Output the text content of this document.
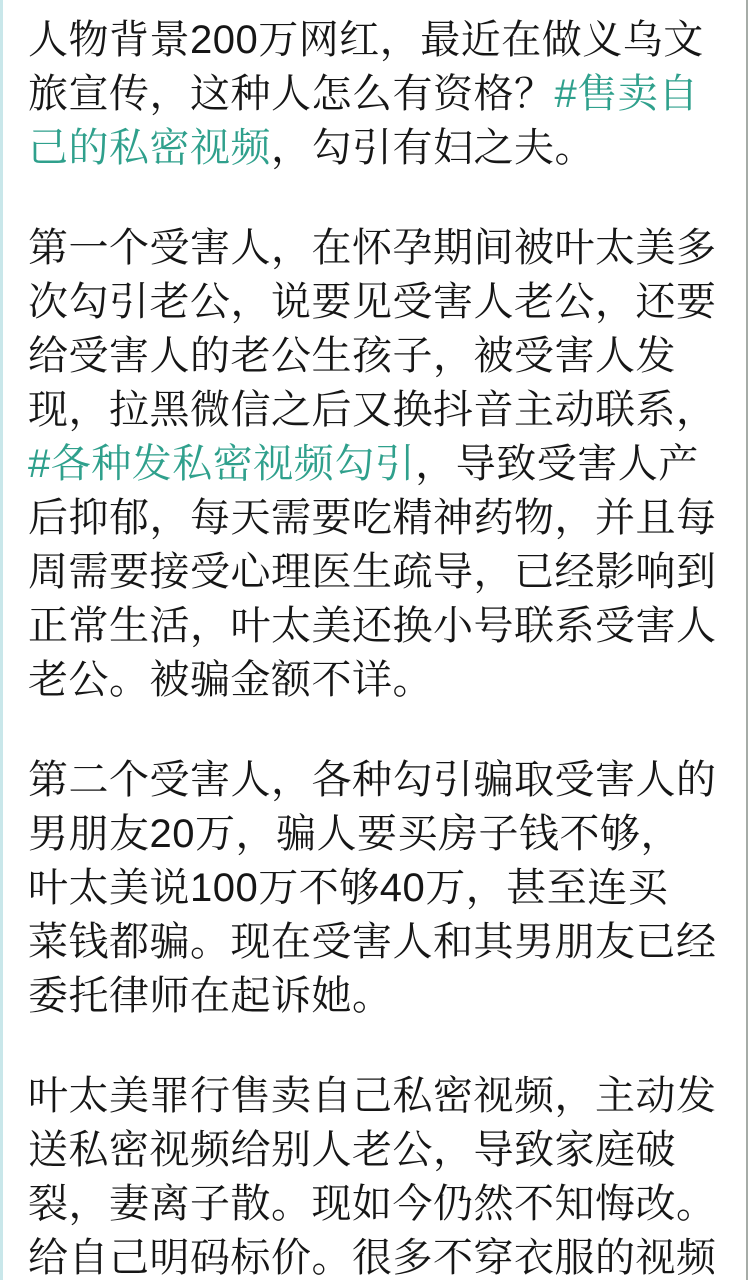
人物背景200万网红，最近在做义乌文
旅宣传，这种人怎么有资格？#售卖自
己的私密视频，勾引有妇之夫。

第一个受害人，在怀孕期间被叶太美多
次勾引老公，说要见受害人老公，还要
给受害人的老公生孩子，被受害人发
现，拉黑微信之后又换抖音主动联系，
#各种发私密视频勾引，导致受害人产
后抑郁，每天需要吃精神药物，并且每
周需要接受心理医生疏导，已经影响到
正常生活，叶太美还换小号联系受害人
老公。被骗金额不详。

第二个受害人，各种勾引骗取受害人的
男朋友20万，骗人要买房子钱不够，
叶太美说100万不够40万，甚至连买
菜钱都骗。现在受害人和其男朋友已经
委托律师在起诉她。

叶太美罪行售卖自己私密视频，主动发
送私密视频给别人老公，导致家庭破
裂，妻离子散。现如今仍然不知悔改。
给自己明码标价。很多不穿衣服的视频
